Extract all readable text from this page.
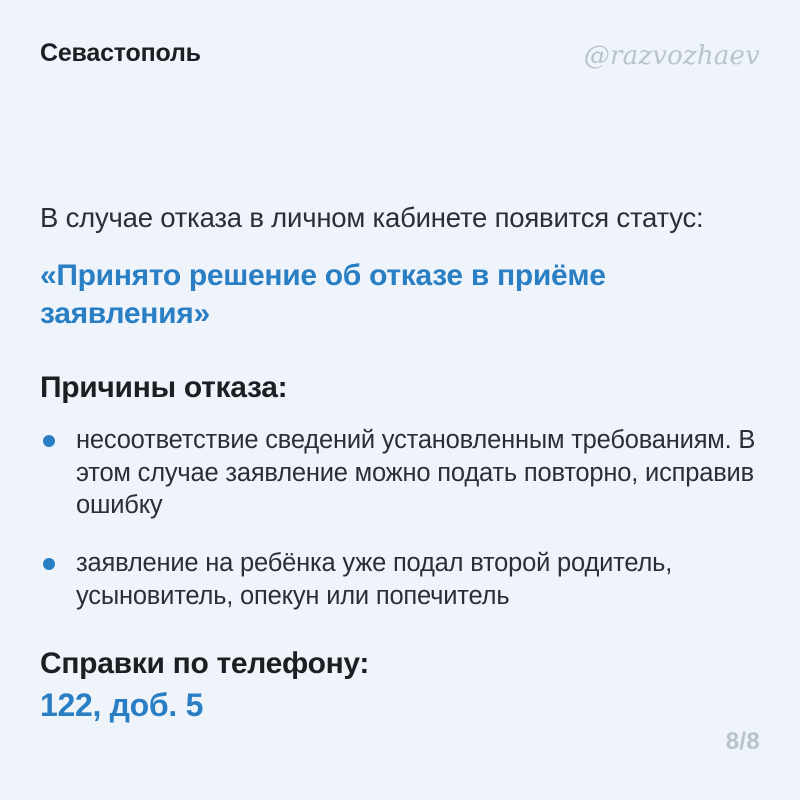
Севастополь	@razvozhaev
В случае отказа в личном кабинете появится статус:
«Принято решение об отказе в приёме заявления»
Причины отказа:
несоответствие сведений установленным требованиям. В этом случае заявление можно подать повторно, исправив ошибку
заявление на ребёнка уже подал второй родитель, усыновитель, опекун или попечитель
Справки по телефону:
122, доб. 5
8/8
